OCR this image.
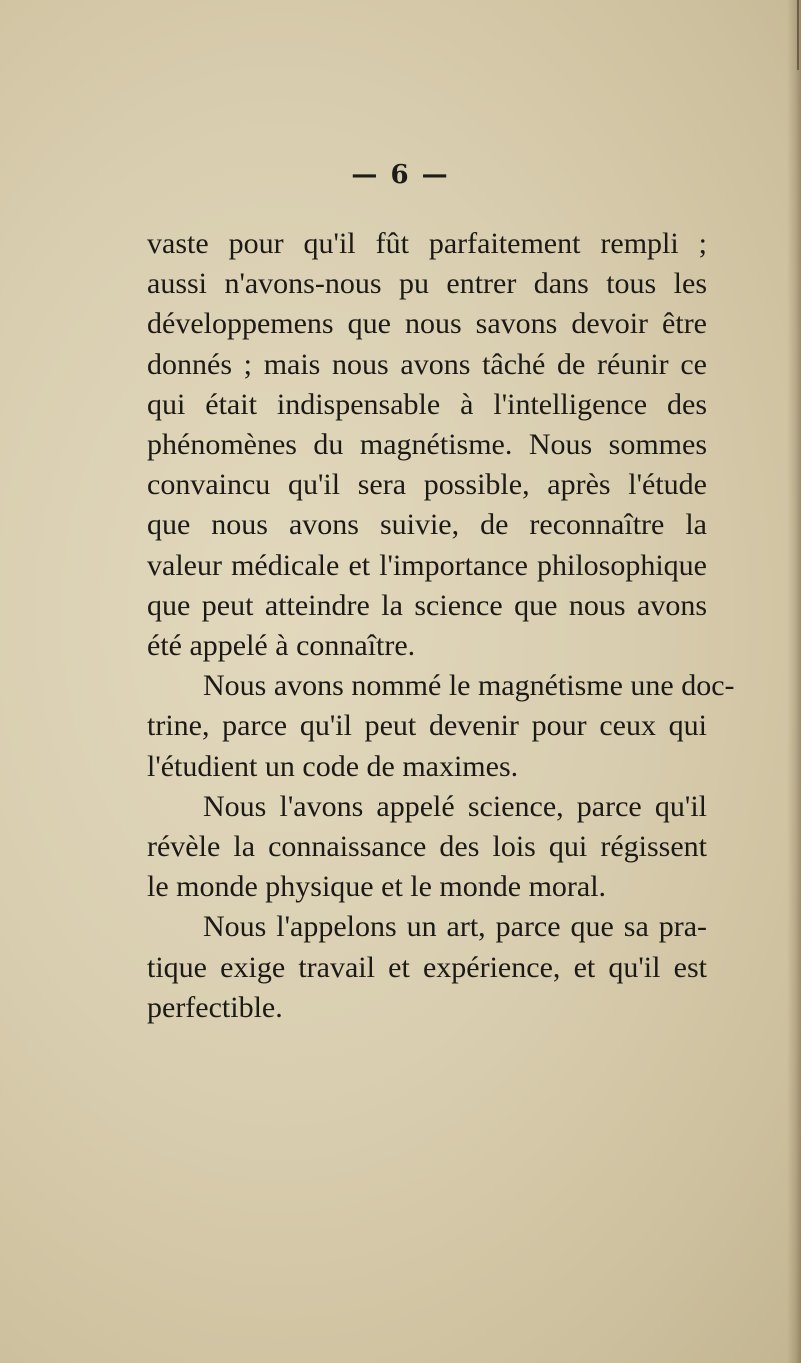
— 6 —
vaste pour qu'il fût parfaitement rempli ;
aussi n'avons-nous pu entrer dans tous les
développemens que nous savons devoir être
donnés ; mais nous avons tâché de réunir ce
qui était indispensable à l'intelligence des
phénomènes du magnétisme. Nous sommes
convaincu qu'il sera possible, après l'étude
que nous avons suivie, de reconnaître la
valeur médicale et l'importance philosophique
que peut atteindre la science que nous avons
été appelé à connaître.
Nous avons nommé le magnétisme une doc-
trine, parce qu'il peut devenir pour ceux qui
l'étudient un code de maximes.
Nous l'avons appelé science, parce qu'il
révèle la connaissance des lois qui régissent
le monde physique et le monde moral.
Nous l'appelons un art, parce que sa pra-
tique exige travail et expérience, et qu'il est
perfectible.
